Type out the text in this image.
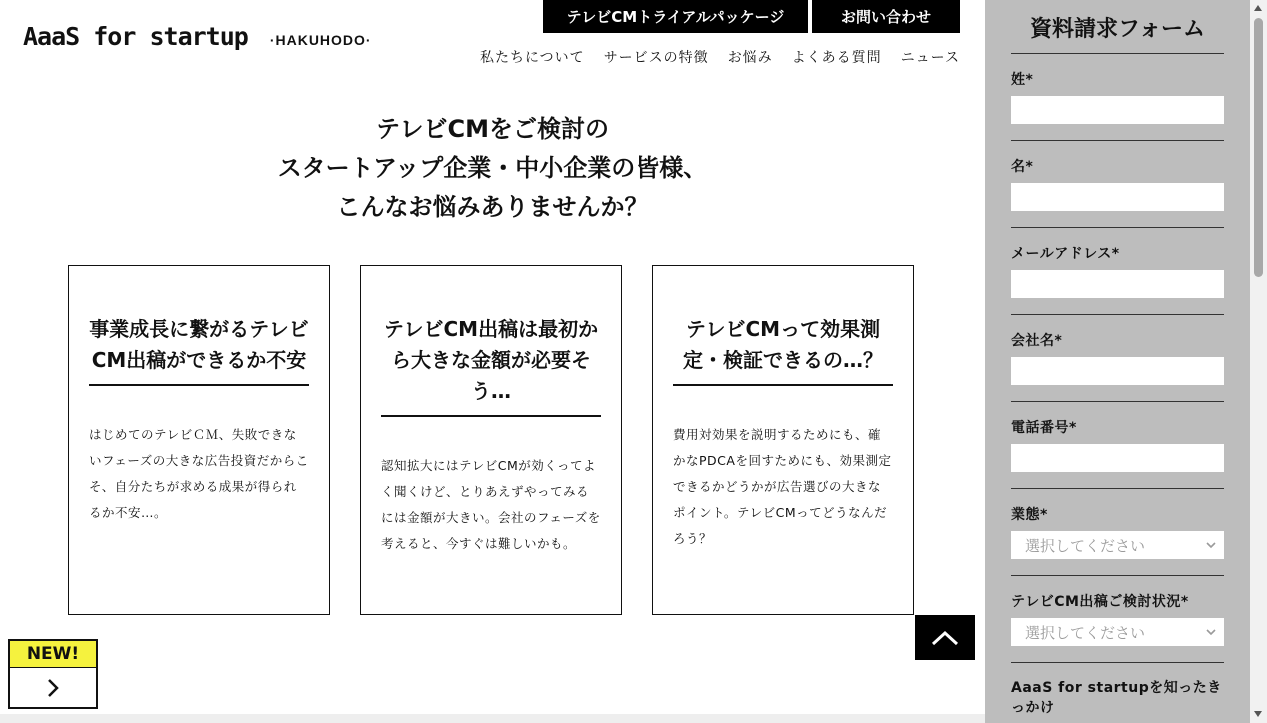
AaaS for startup ·HAKUHODO·
テレビCMトライアルパッケージ	お問い合わせ
私たちについて サービスの特徴 お悩み よくある質問 ニュース
テレビCMをご検討の
スタートアップ企業・中小企業の皆様、
こんなお悩みありませんか？
事業成長に繋がるテレビCM出稿ができるか不安
はじめてのテレビＣＭ、失敗できないフェーズの大きな広告投資だからこそ、自分たちが求める成果が得られるか不安…。
テレビCM出稿は最初から大きな金額が必要そう…
認知拡大にはテレビCMが効くってよく聞くけど、とりあえずやってみるには金額が大きい。会社のフェーズを考えると、今すぐは難しいかも。
テレビCMって効果測定・検証できるの…？
費用対効果を説明するためにも、確かなPDCAを回すためにも、効果測定できるかどうかが広告選びの大きなポイント。テレビCMってどうなんだろう？
NEW!
資料請求フォーム
姓*
名*
メールアドレス*
会社名*
電話番号*
業態*
選択してください
テレビCM出稿ご検討状況*
選択してください
AaaS for startupを知ったきっかけ
